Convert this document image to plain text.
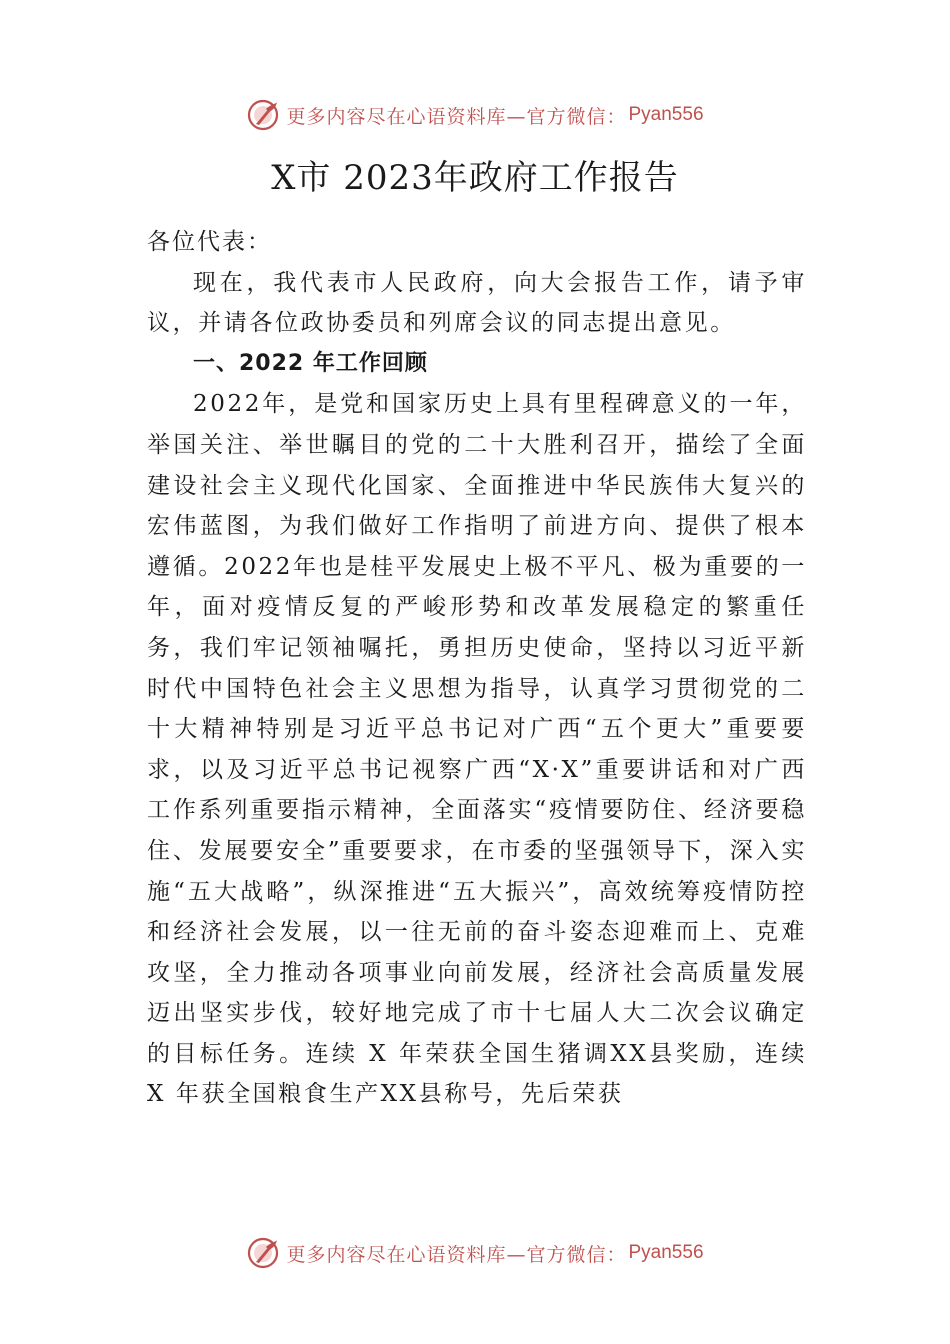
更多内容尽在心语资料库—官方微信： Pyan556
X市 2023年政府工作报告

各位代表：

现在，我代表市人民政府，向大会报告工作，请予审议，并请各位政协委员和列席会议的同志提出意见。

一、2022 年工作回顾

2022年，是党和国家历史上具有里程碑意义的一年，举国关注、举世瞩目的党的二十大胜利召开，描绘了全面建设社会主义现代化国家、全面推进中华民族伟大复兴的宏伟蓝图，为我们做好工作指明了前进方向、提供了根本遵循。2022年也是桂平发展史上极不平凡、极为重要的一年，面对疫情反复的严峻形势和改革发展稳定的繁重任务，我们牢记领袖嘱托，勇担历史使命，坚持以习近平新时代中国特色社会主义思想为指导，认真学习贯彻党的二十大精神特别是习近平总书记对广西“五个更大”重要要求，以及习近平总书记视察广西“X·X”重要讲话和对广西工作系列重要指示精神，全面落实“疫情要防住、经济要稳住、发展要安全”重要要求，在市委的坚强领导下，深入实施“五大战略”，纵深推进“五大振兴”，高效统筹疫情防控和经济社会发展，以一往无前的奋斗姿态迎难而上、克难攻坚，全力推动各项事业向前发展，经济社会高质量发展迈出坚实步伐，较好地完成了市十七届人大二次会议确定的目标任务。连续 X 年荣获全国生猪调XX县奖励，连续 X 年获全国粮食生产XX县称号，先后荣获

更多内容尽在心语资料库—官方微信： Pyan556
